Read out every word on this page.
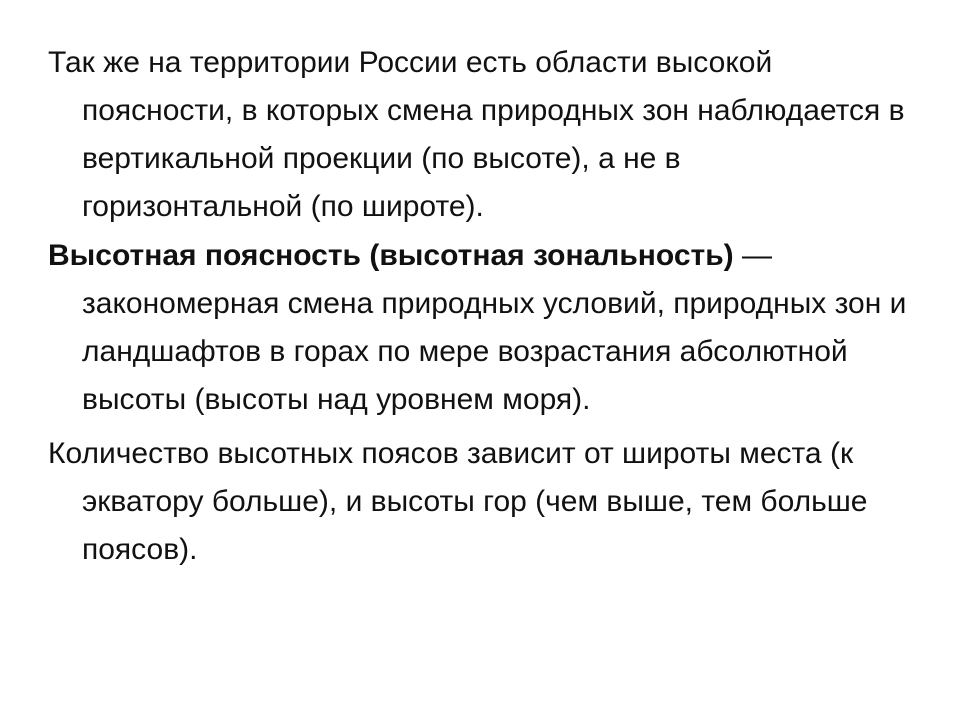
Так же на территории России есть области высокой поясности, в которых смена природных зон наблюдается в вертикальной проекции (по высоте), а не в горизонтальной (по широте).

Высотная поясность (высотная зональность) — закономерная смена природных условий, природных зон и ландшафтов в горах по мере возрастания абсолютной высоты (высоты над уровнем моря).

Количество высотных поясов зависит от широты места (к экватору больше), и высоты гор (чем выше, тем больше поясов).
